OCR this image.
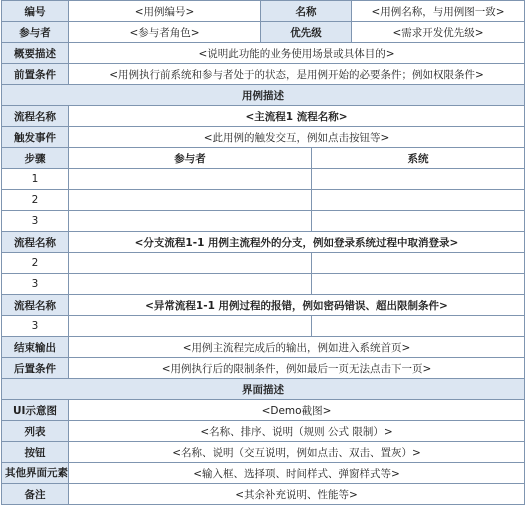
编号	<用例编号>	名称		<用例名称，与用例图一致>
参与者	<参与者角色>	优先级		<需求开发优先级>
概要描述	<说明此功能的业务使用场景或具体目的>			
前置条件	<用例执行前系统和参与者处于的状态，是用例开始的必要条件；例如权限条件>			
用例描述				
流程名称	<主流程1 流程名称>			
触发事件	<此用例的触发交互，例如点击按钮等>			
步骤	参与者		系统	
1				
2				
3				
流程名称	<分支流程1-1 用例主流程外的分支，例如登录系统过程中取消登录>			
2				
3				
流程名称	<异常流程1-1 用例过程的报错，例如密码错误、超出限制条件>			
3				
结束输出	<用例主流程完成后的输出，例如进入系统首页>			
后置条件	<用例执行后的限制条件，例如最后一页无法点击下一页>			
界面描述				
UI示意图	<Demo截图>			
列表	<名称、排序、说明（规则 公式 限制）>			
按钮	<名称、说明（交互说明，例如点击、双击、置灰）>			
其他界面元素	<输入框、选择项、时间样式、弹窗样式等>			
备注	<其余补充说明、性能等>			
